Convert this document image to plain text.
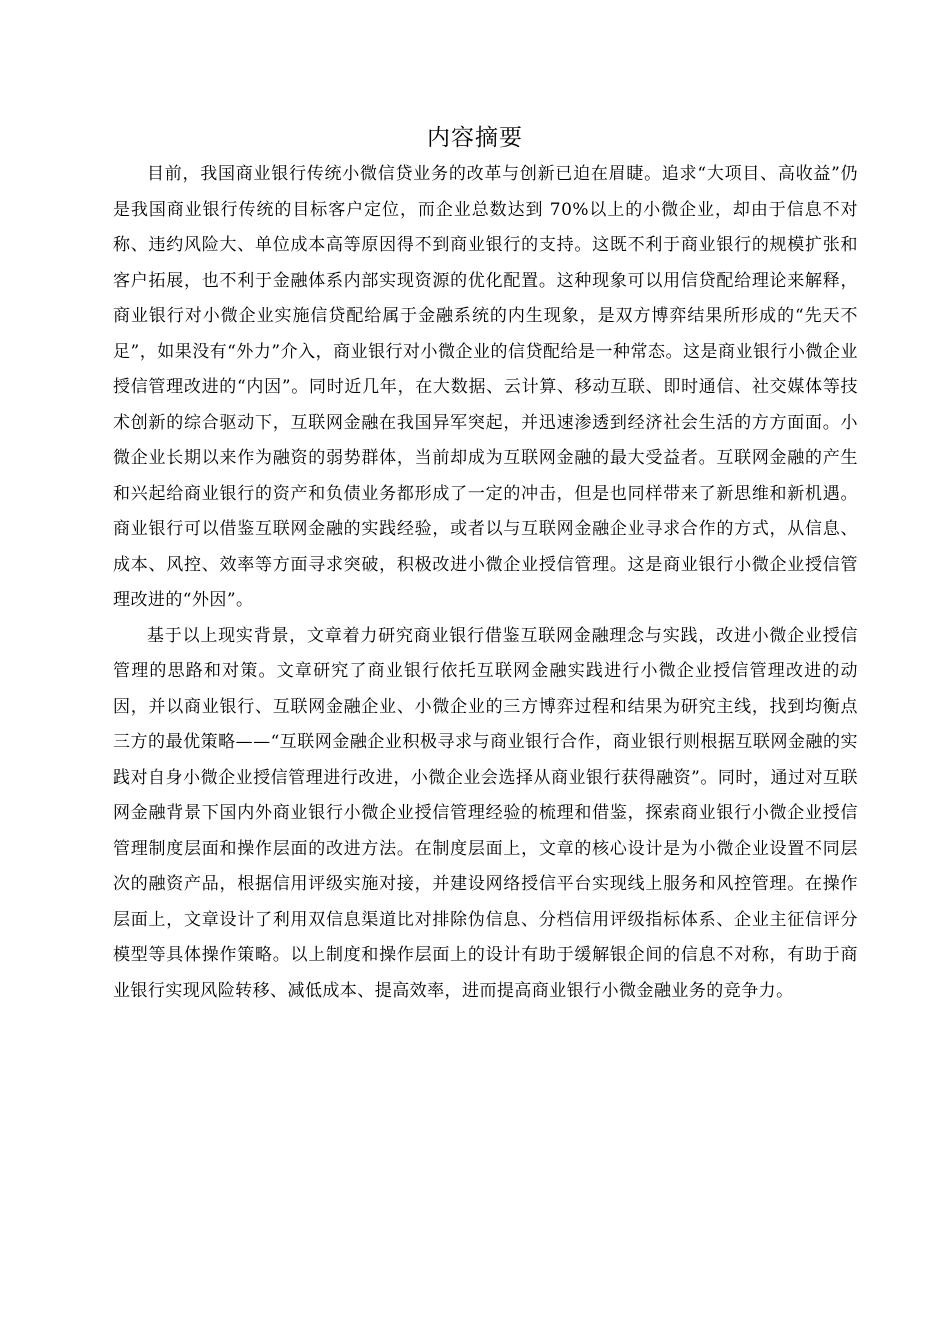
内容摘要

目前，我国商业银行传统小微信贷业务的改革与创新已迫在眉睫。追求“大项目、高收益”仍是我国商业银行传统的目标客户定位，而企业总数达到 70%以上的小微企业，却由于信息不对称、违约风险大、单位成本高等原因得不到商业银行的支持。这既不利于商业银行的规模扩张和客户拓展，也不利于金融体系内部实现资源的优化配置。这种现象可以用信贷配给理论来解释，商业银行对小微企业实施信贷配给属于金融系统的内生现象，是双方博弈结果所形成的“先天不足”，如果没有“外力”介入，商业银行对小微企业的信贷配给是一种常态。这是商业银行小微企业授信管理改进的“内因”。同时近几年，在大数据、云计算、移动互联、即时通信、社交媒体等技术创新的综合驱动下，互联网金融在我国异军突起，并迅速渗透到经济社会生活的方方面面。小微企业长期以来作为融资的弱势群体，当前却成为互联网金融的最大受益者。互联网金融的产生和兴起给商业银行的资产和负债业务都形成了一定的冲击，但是也同样带来了新思维和新机遇。商业银行可以借鉴互联网金融的实践经验，或者以与互联网金融企业寻求合作的方式，从信息、成本、风控、效率等方面寻求突破，积极改进小微企业授信管理。这是商业银行小微企业授信管理改进的“外因”。

基于以上现实背景，文章着力研究商业银行借鉴互联网金融理念与实践，改进小微企业授信管理的思路和对策。文章研究了商业银行依托互联网金融实践进行小微企业授信管理改进的动因，并以商业银行、互联网金融企业、小微企业的三方博弈过程和结果为研究主线，找到均衡点三方的最优策略——“互联网金融企业积极寻求与商业银行合作，商业银行则根据互联网金融的实践对自身小微企业授信管理进行改进，小微企业会选择从商业银行获得融资”。同时，通过对互联网金融背景下国内外商业银行小微企业授信管理经验的梳理和借鉴，探索商业银行小微企业授信管理制度层面和操作层面的改进方法。在制度层面上，文章的核心设计是为小微企业设置不同层次的融资产品，根据信用评级实施对接，并建设网络授信平台实现线上服务和风控管理。在操作层面上，文章设计了利用双信息渠道比对排除伪信息、分档信用评级指标体系、企业主征信评分模型等具体操作策略。以上制度和操作层面上的设计有助于缓解银企间的信息不对称，有助于商业银行实现风险转移、减低成本、提高效率，进而提高商业银行小微金融业务的竞争力。
